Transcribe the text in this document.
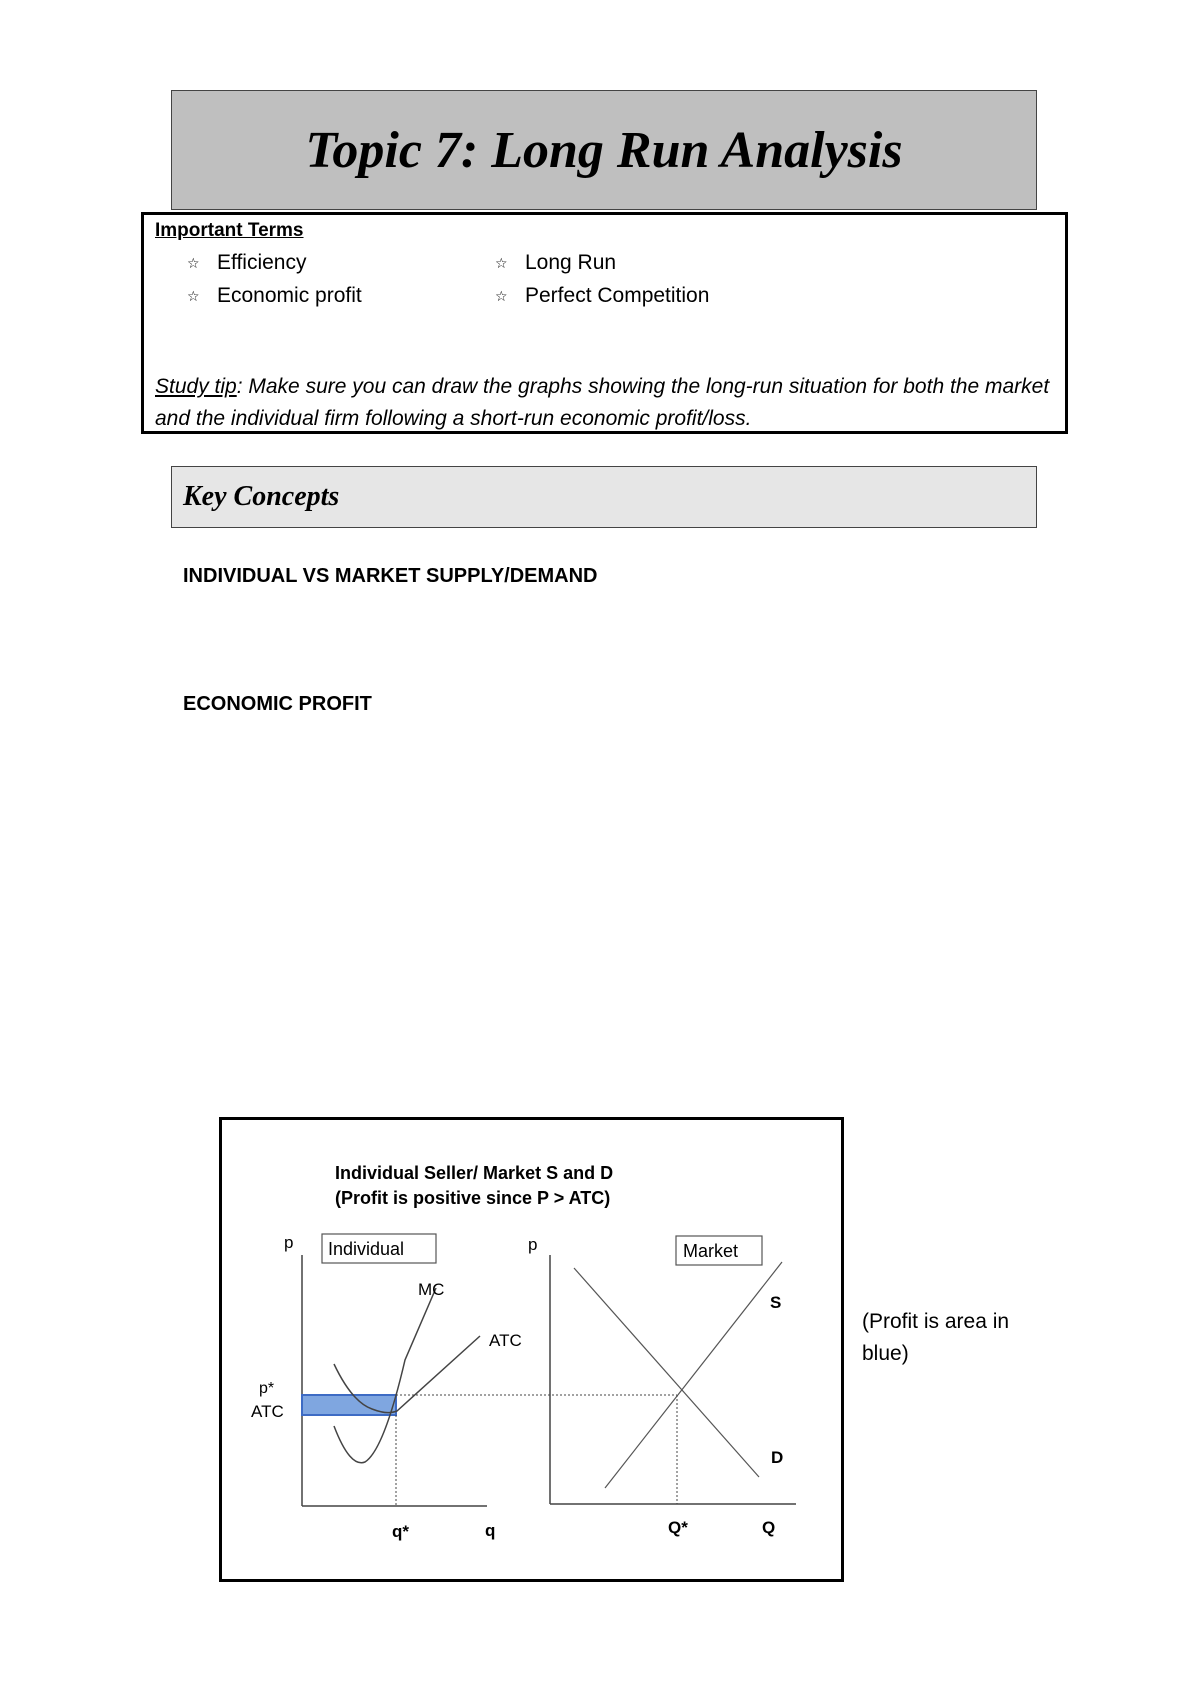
Topic 7: Long Run Analysis
Important Terms
☆ Efficiency	☆ Long Run
☆ Economic profit	☆ Perfect Competition
Study tip: Make sure you can draw the graphs showing the long-run situation for both the market and the individual firm following a short-run economic profit/loss.
Key Concepts
INDIVIDUAL VS MARKET SUPPLY/DEMAND
ECONOMIC PROFIT
Individual Seller/ Market S and D
(Profit is positive since P > ATC)
p
q
Individual
MC
ATC
p*
ATC
q*
p
Q
Market
S
D
Q*
(Profit is area in blue)
